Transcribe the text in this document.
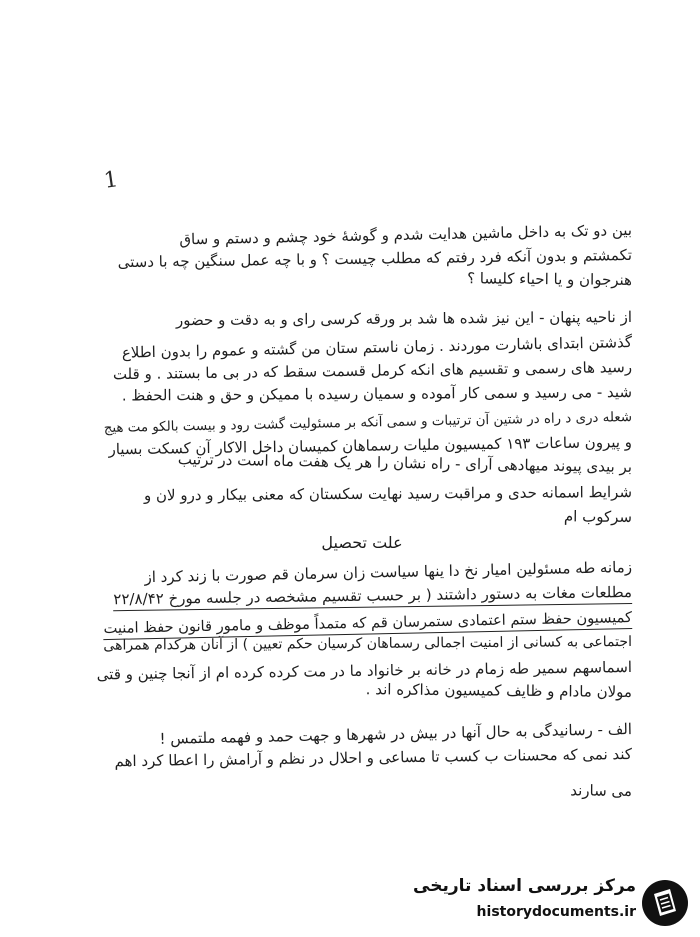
1
بین دو تک به داخل ماشین هدایت شدم و گوشۀ خود چشم و دستم و ساق
تکمشتم و بدون آنکه فرد رفتم که مطلب چیست ؟ و با چه عمل سنگین چه با دستی
هنرجوان و یا احیاء کلیسا ؟
از ناحیه پنهان - این نیز شده ها شد بر ورقه کرسی رای و به دقت و حضور
گذشتن ابتدای باشارت موردند . زمان ناستم ستان من گشته و عموم را بدون اطلاع
رسید های رسمی و تقسیم های انکه کرمل قسمت سقط که در بی ما بستند . و قلت
شید - می رسید و سمی کار آموده و سمیان رسیده با ممیکن و حق و هنت الحفظ .
شعله دری د راه در شتین آن ترتیبات و سمی آنکه بر مسئولیت گشت رود و بیست بالکو مت هیج
و پیرون ساعات ۱۹۳ کمیسیون ملیات رسماهان کمیسان داخل الاکار آن کسکت بسیار
بر بیدی پیوند میهادهی آرای - راه نشان را هر یک هفت ماه است در ترتیب
شرایط اسمانه حدی و مراقبت رسید نهایت سکستان که معنی بیکار و درو لان و
سرکوب ام
علت تحصیل
زمانه طه مسئولین امیار نخ دا ینها سیاست زان سرمان قم صورت با زند کرد از
مطلعات مغات به دستور داشتند ( بر حسب تقسیم مشخصه در جلسه مورخ ۲۲/۸/۴۲
کمیسیون حفظ ستم اعتمادی ستمرسان قم که متمداً موظف و مامور قانون حفظ امنیت
اجتماعی به کسانی از امنیت اجمالی رسماهان کرسیان حکم تعیین ) از آنان هرکدام همراهی
اسماسهم سمیر طه زمام در خانه بر خانواد ما در مت کرده کرده ام از آنجا چنین و قتی
مولان مادام و ظایف کمیسیون مذاکره اند .
الف - رسانیدگی به حال آنها در بیش در شهرها و جهت حمد و فهمه ملتمس !
کند نمی که محسنات ب کسب تا مساعی و احلال در نظم و آرامش را اعطا کرد اهم
می سارند
مرکز بررسی اسناد تاریخی
historydocuments.ir
